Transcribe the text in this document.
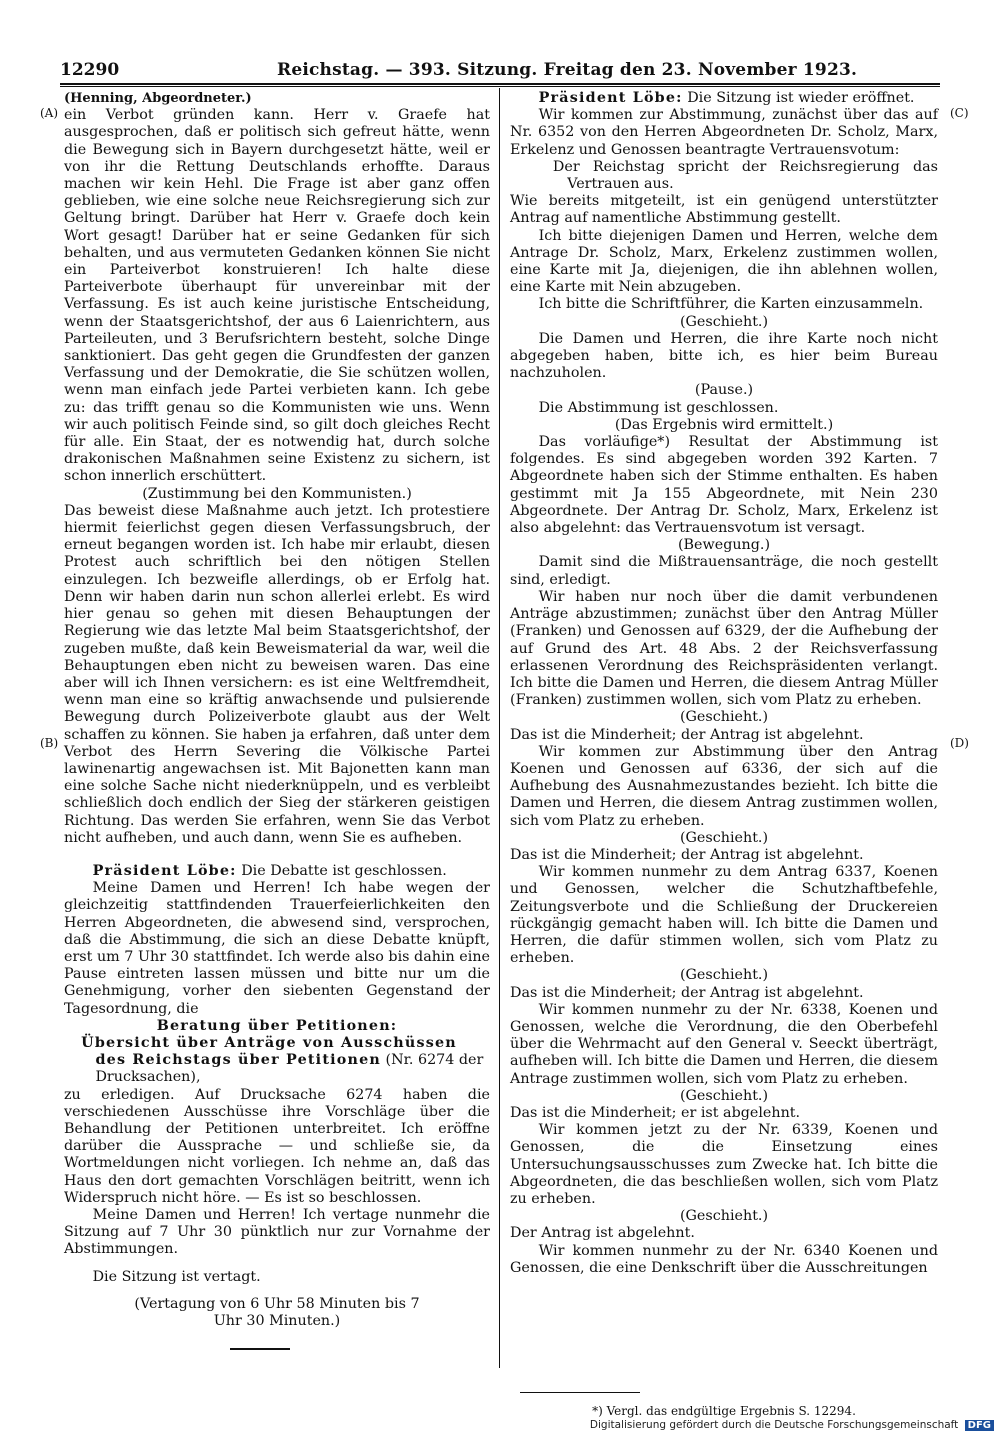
12290	Reichstag. — 393. Sitzung. Freitag den 23. November 1923.
(A)
(B)
(C)
(D)

(Henning, Abgeordneter.)

ein Verbot gründen kann. Herr v. Graefe hat ausgesprochen, daß er politisch sich gefreut hätte, wenn die Bewegung sich in Bayern durchgesetzt hätte, weil er von ihr die Rettung Deutschlands erhoffte. Daraus machen wir kein Hehl. Die Frage ist aber ganz offen geblieben, wie eine solche neue Reichsregierung sich zur Geltung bringt. Darüber hat Herr v. Graefe doch kein Wort gesagt! Darüber hat er seine Gedanken für sich behalten, und aus vermuteten Gedanken können Sie nicht ein Parteiverbot konstruieren! Ich halte diese Parteiverbote überhaupt für unvereinbar mit der Verfassung. Es ist auch keine juristische Entscheidung, wenn der Staatsgerichtshof, der aus 6 Laienrichtern, aus Parteileuten, und 3 Berufsrichtern besteht, solche Dinge sanktioniert. Das geht gegen die Grundfesten der ganzen Verfassung und der Demokratie, die Sie schützen wollen, wenn man einfach jede Partei verbieten kann. Ich gebe zu: das trifft genau so die Kommunisten wie uns. Wenn wir auch politisch Feinde sind, so gilt doch gleiches Recht für alle. Ein Staat, der es notwendig hat, durch solche drakonischen Maßnahmen seine Existenz zu sichern, ist schon innerlich erschüttert.

(Zustimmung bei den Kommunisten.)

Das beweist diese Maßnahme auch jetzt. Ich protestiere hiermit feierlichst gegen diesen Verfassungsbruch, der erneut begangen worden ist. Ich habe mir erlaubt, diesen Protest auch schriftlich bei den nötigen Stellen einzulegen. Ich bezweifle allerdings, ob er Erfolg hat. Denn wir haben darin nun schon allerlei erlebt. Es wird hier genau so gehen mit diesen Behauptungen der Regierung wie das letzte Mal beim Staatsgerichtshof, der zugeben mußte, daß kein Beweismaterial da war, weil die Behauptungen eben nicht zu beweisen waren. Das eine aber will ich Ihnen versichern: es ist eine Weltfremdheit, wenn man eine so kräftig anwachsende und pulsierende Bewegung durch Polizeiverbote glaubt aus der Welt schaffen zu können. Sie haben ja erfahren, daß unter dem Verbot des Herrn Severing die Völkische Partei lawinenartig angewachsen ist. Mit Bajonetten kann man eine solche Sache nicht niederknüppeln, und es verbleibt schließlich doch endlich der Sieg der stärkeren geistigen Richtung. Das werden Sie erfahren, wenn Sie das Verbot nicht aufheben, und auch dann, wenn Sie es aufheben.

Präsident Löbe: Die Debatte ist geschlossen.

Meine Damen und Herren! Ich habe wegen der gleichzeitig stattfindenden Trauerfeierlichkeiten den Herren Abgeordneten, die abwesend sind, versprochen, daß die Abstimmung, die sich an diese Debatte knüpft, erst um 7 Uhr 30 stattfindet. Ich werde also bis dahin eine Pause eintreten lassen müssen und bitte nur um die Genehmigung, vorher den siebenten Gegenstand der Tagesordnung, die

Beratung über Petitionen:

Übersicht über Anträge von Ausschüssen des Reichstags über Petitionen (Nr. 6274 der Drucksachen),

zu erledigen. Auf Drucksache 6274 haben die verschiedenen Ausschüsse ihre Vorschläge über die Behandlung der Petitionen unterbreitet. Ich eröffne darüber die Aussprache — und schließe sie, da Wortmeldungen nicht vorliegen. Ich nehme an, daß das Haus den dort gemachten Vorschlägen beitritt, wenn ich Widerspruch nicht höre. — Es ist so beschlossen.

Meine Damen und Herren! Ich vertage nunmehr die Sitzung auf 7 Uhr 30 pünktlich nur zur Vornahme der Abstimmungen.

Die Sitzung ist vertagt.

(Vertagung von 6 Uhr 58 Minuten bis 7 Uhr 30 Minuten.)

Präsident Löbe: Die Sitzung ist wieder eröffnet.

Wir kommen zur Abstimmung, zunächst über das auf Nr. 6352 von den Herren Abgeordneten Dr. Scholz, Marx, Erkelenz und Genossen beantragte Vertrauensvotum:

Der Reichstag spricht der Reichsregierung das Vertrauen aus.

Wie bereits mitgeteilt, ist ein genügend unterstützter Antrag auf namentliche Abstimmung gestellt.

Ich bitte diejenigen Damen und Herren, welche dem Antrage Dr. Scholz, Marx, Erkelenz zustimmen wollen, eine Karte mit Ja, diejenigen, die ihn ablehnen wollen, eine Karte mit Nein abzugeben.

Ich bitte die Schriftführer, die Karten einzusammeln.

(Geschieht.)

Die Damen und Herren, die ihre Karte noch nicht abgegeben haben, bitte ich, es hier beim Bureau nachzuholen.

(Pause.)

Die Abstimmung ist geschlossen.

(Das Ergebnis wird ermittelt.)

Das vorläufige*) Resultat der Abstimmung ist folgendes. Es sind abgegeben worden 392 Karten. 7 Abgeordnete haben sich der Stimme enthalten. Es haben gestimmt mit Ja 155 Abgeordnete, mit Nein 230 Abgeordnete. Der Antrag Dr. Scholz, Marx, Erkelenz ist also abgelehnt: das Vertrauensvotum ist versagt.

(Bewegung.)

Damit sind die Mißtrauensanträge, die noch gestellt sind, erledigt.

Wir haben nur noch über die damit verbundenen Anträge abzustimmen; zunächst über den Antrag Müller (Franken) und Genossen auf 6329, der die Aufhebung der auf Grund des Art. 48 Abs. 2 der Reichsverfassung erlassenen Verordnung des Reichspräsidenten verlangt. Ich bitte die Damen und Herren, die diesem Antrag Müller (Franken) zustimmen wollen, sich vom Platz zu erheben.

(Geschieht.)

Das ist die Minderheit; der Antrag ist abgelehnt.

Wir kommen zur Abstimmung über den Antrag Koenen und Genossen auf 6336, der sich auf die Aufhebung des Ausnahmezustandes bezieht. Ich bitte die Damen und Herren, die diesem Antrag zustimmen wollen, sich vom Platz zu erheben.

(Geschieht.)

Das ist die Minderheit; der Antrag ist abgelehnt.

Wir kommen nunmehr zu dem Antrag 6337, Koenen und Genossen, welcher die Schutzhaftbefehle, Zeitungsverbote und die Schließung der Druckereien rückgängig gemacht haben will. Ich bitte die Damen und Herren, die dafür stimmen wollen, sich vom Platz zu erheben.

(Geschieht.)

Das ist die Minderheit; der Antrag ist abgelehnt.

Wir kommen nunmehr zu der Nr. 6338, Koenen und Genossen, welche die Verordnung, die den Oberbefehl über die Wehrmacht auf den General v. Seeckt überträgt, aufheben will. Ich bitte die Damen und Herren, die diesem Antrage zustimmen wollen, sich vom Platz zu erheben.

(Geschieht.)

Das ist die Minderheit; er ist abgelehnt.

Wir kommen jetzt zu der Nr. 6339, Koenen und Genossen, die die Einsetzung eines Untersuchungsausschusses zum Zwecke hat. Ich bitte die Abgeordneten, die das beschließen wollen, sich vom Platz zu erheben.

(Geschieht.)

Der Antrag ist abgelehnt.

Wir kommen nunmehr zu der Nr. 6340 Koenen und Genossen, die eine Denkschrift über die Ausschreitungen

*) Vergl. das endgültige Ergebnis S. 12294.
Digitalisierung gefördert durch die Deutsche Forschungsgemeinschaft DFG
